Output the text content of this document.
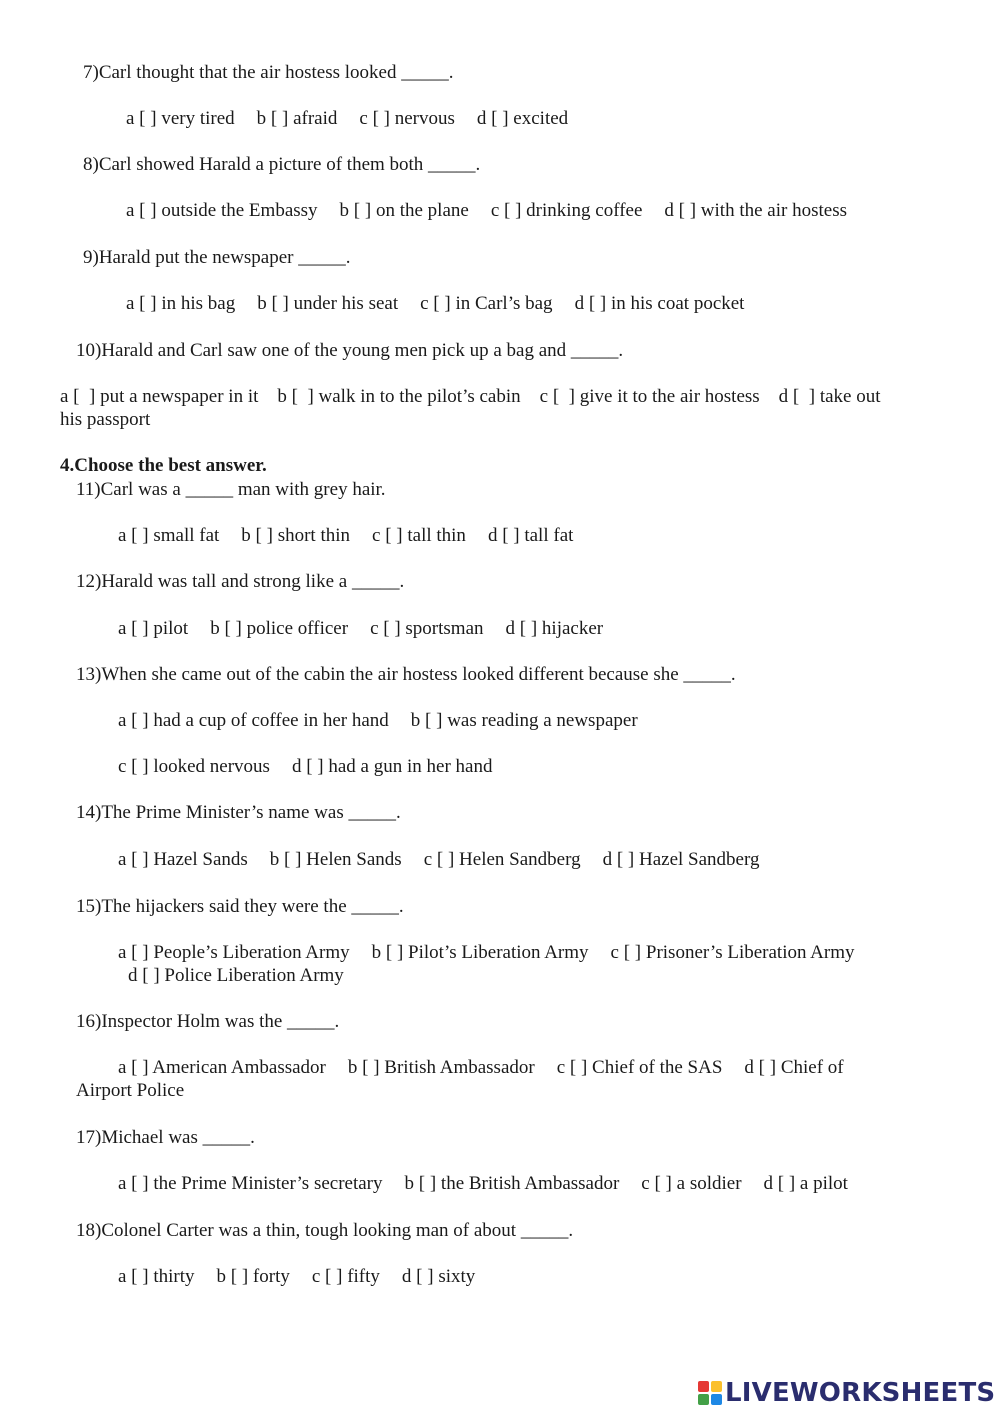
7)Carl thought that the air hostess looked _____.
a [ ] very tired b [ ] afraid c [ ] nervous d [ ] excited
8)Carl showed Harald a picture of them both _____.
a [ ] outside the Embassy b [ ] on the plane c [ ] drinking coffee d [ ] with the air hostess
9)Harald put the newspaper _____.
a [ ] in his bag b [ ] under his seat c [ ] in Carl’s bag d [ ] in his coat pocket
10)Harald and Carl saw one of the young men pick up a bag and _____.
a [  ] put a newspaper in it    b [  ] walk in to the pilot’s cabin    c [  ] give it to the air hostess    d [  ] take out
his passport
4.Choose the best answer.
11)Carl was a _____ man with grey hair.
a [ ] small fat b [ ] short thin c [ ] tall thin d [ ] tall fat
12)Harald was tall and strong like a _____.
a [ ] pilot b [ ] police officer c [ ] sportsman d [ ] hijacker
13)When she came out of the cabin the air hostess looked different because she _____.
a [ ] had a cup of coffee in her hand b [ ] was reading a newspaper
c [ ] looked nervous d [ ] had a gun in her hand
14)The Prime Minister’s name was _____.
a [ ] Hazel Sands b [ ] Helen Sands c [ ] Helen Sandberg d [ ] Hazel Sandberg
15)The hijackers said they were the _____.
a [ ] People’s Liberation Army b [ ] Pilot’s Liberation Army c [ ] Prisoner’s Liberation Army
d [ ] Police Liberation Army
16)Inspector Holm was the _____.
a [ ] American Ambassador b [ ] British Ambassador c [ ] Chief of the SAS d [ ] Chief of
Airport Police
17)Michael was _____.
a [ ] the Prime Minister’s secretary b [ ] the British Ambassador c [ ] a soldier d [ ] a pilot
18)Colonel Carter was a thin, tough looking man of about _____.
a [ ] thirty b [ ] forty c [ ] fifty d [ ] sixty
LIVEWORKSHEETS
